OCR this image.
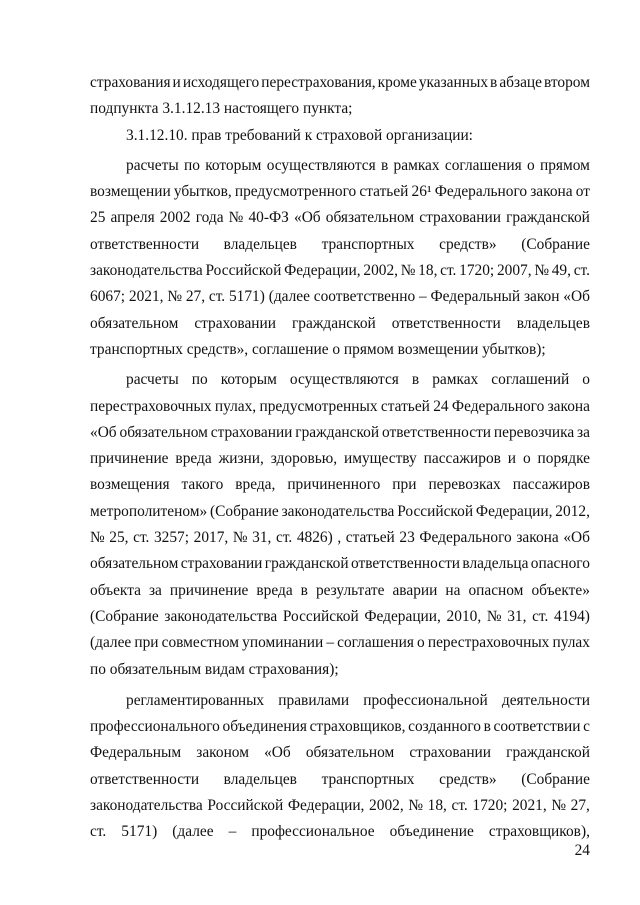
страхования и исходящего перестрахования, кроме указанных в абзаце втором
подпункта 3.1.12.13 настоящего пункта;
3.1.12.10. прав требований к страховой организации:
расчеты по которым осуществляются в рамках соглашения о прямом
возмещении убытков, предусмотренного статьей 26¹ Федерального закона от
25 апреля 2002 года № 40-ФЗ «Об обязательном страховании гражданской
ответственности владельцев транспортных средств» (Собрание
законодательства Российской Федерации, 2002, № 18, ст. 1720; 2007, № 49, ст.
6067; 2021, № 27, ст. 5171) (далее соответственно – Федеральный закон «Об
обязательном страховании гражданской ответственности владельцев
транспортных средств», соглашение о прямом возмещении убытков);
расчеты по которым осуществляются в рамках соглашений о
перестраховочных пулах, предусмотренных статьей 24 Федерального закона
«Об обязательном страховании гражданской ответственности перевозчика за
причинение вреда жизни, здоровью, имуществу пассажиров и о порядке
возмещения такого вреда, причиненного при перевозках пассажиров
метрополитеном» (Собрание законодательства Российской Федерации, 2012,
№ 25, ст. 3257; 2017, № 31, ст. 4826) , статьей 23 Федерального закона «Об
обязательном страховании гражданской ответственности владельца опасного
объекта за причинение вреда в результате аварии на опасном объекте»
(Собрание законодательства Российской Федерации, 2010, № 31, ст. 4194)
(далее при совместном упоминании – соглашения о перестраховочных пулах
по обязательным видам страхования);
регламентированных правилами профессиональной деятельности
профессионального объединения страховщиков, созданного в соответствии с
Федеральным законом «Об обязательном страховании гражданской
ответственности владельцев транспортных средств» (Собрание
законодательства Российской Федерации, 2002, № 18, ст. 1720; 2021, № 27,
ст. 5171) (далее – профессиональное объединение страховщиков),
24
